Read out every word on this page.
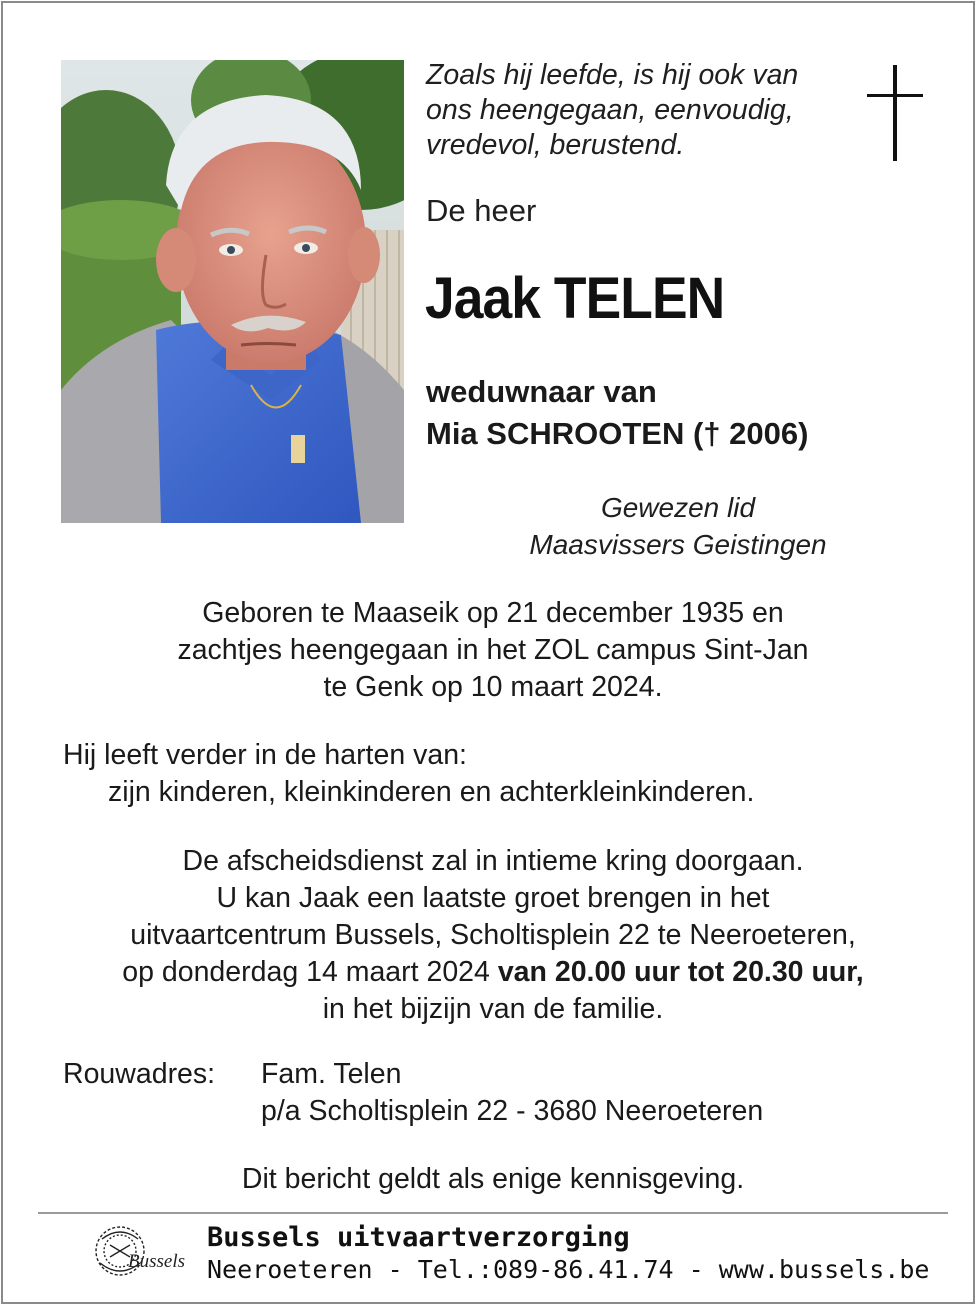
Zoals hij leefde, is hij ook van
ons heengegaan, eenvoudig,
vredevol, berustend.
De heer
Jaak TELEN
weduwnaar van
Mia SCHROOTEN († 2006)
Gewezen lid
Maasvissers Geistingen
Geboren te Maaseik op 21 december 1935 en
zachtjes heengegaan in het ZOL campus Sint-Jan
te Genk op 10 maart 2024.
Hij leeft verder in de harten van:
zijn kinderen, kleinkinderen en achterkleinkinderen.
De afscheidsdienst zal in intieme kring doorgaan.
U kan Jaak een laatste groet brengen in het
uitvaartcentrum Bussels, Scholtisplein 22 te Neeroeteren,
op donderdag 14 maart 2024 van 20.00 uur tot 20.30 uur,
in het bijzijn van de familie.
Rouwadres: Fam. Telen
p/a Scholtisplein 22 - 3680 Neeroeteren
Dit bericht geldt als enige kennisgeving.
Bussels
Bussels uitvaartverzorging
Neeroeteren - Tel.:089-86.41.74 - www.bussels.be
